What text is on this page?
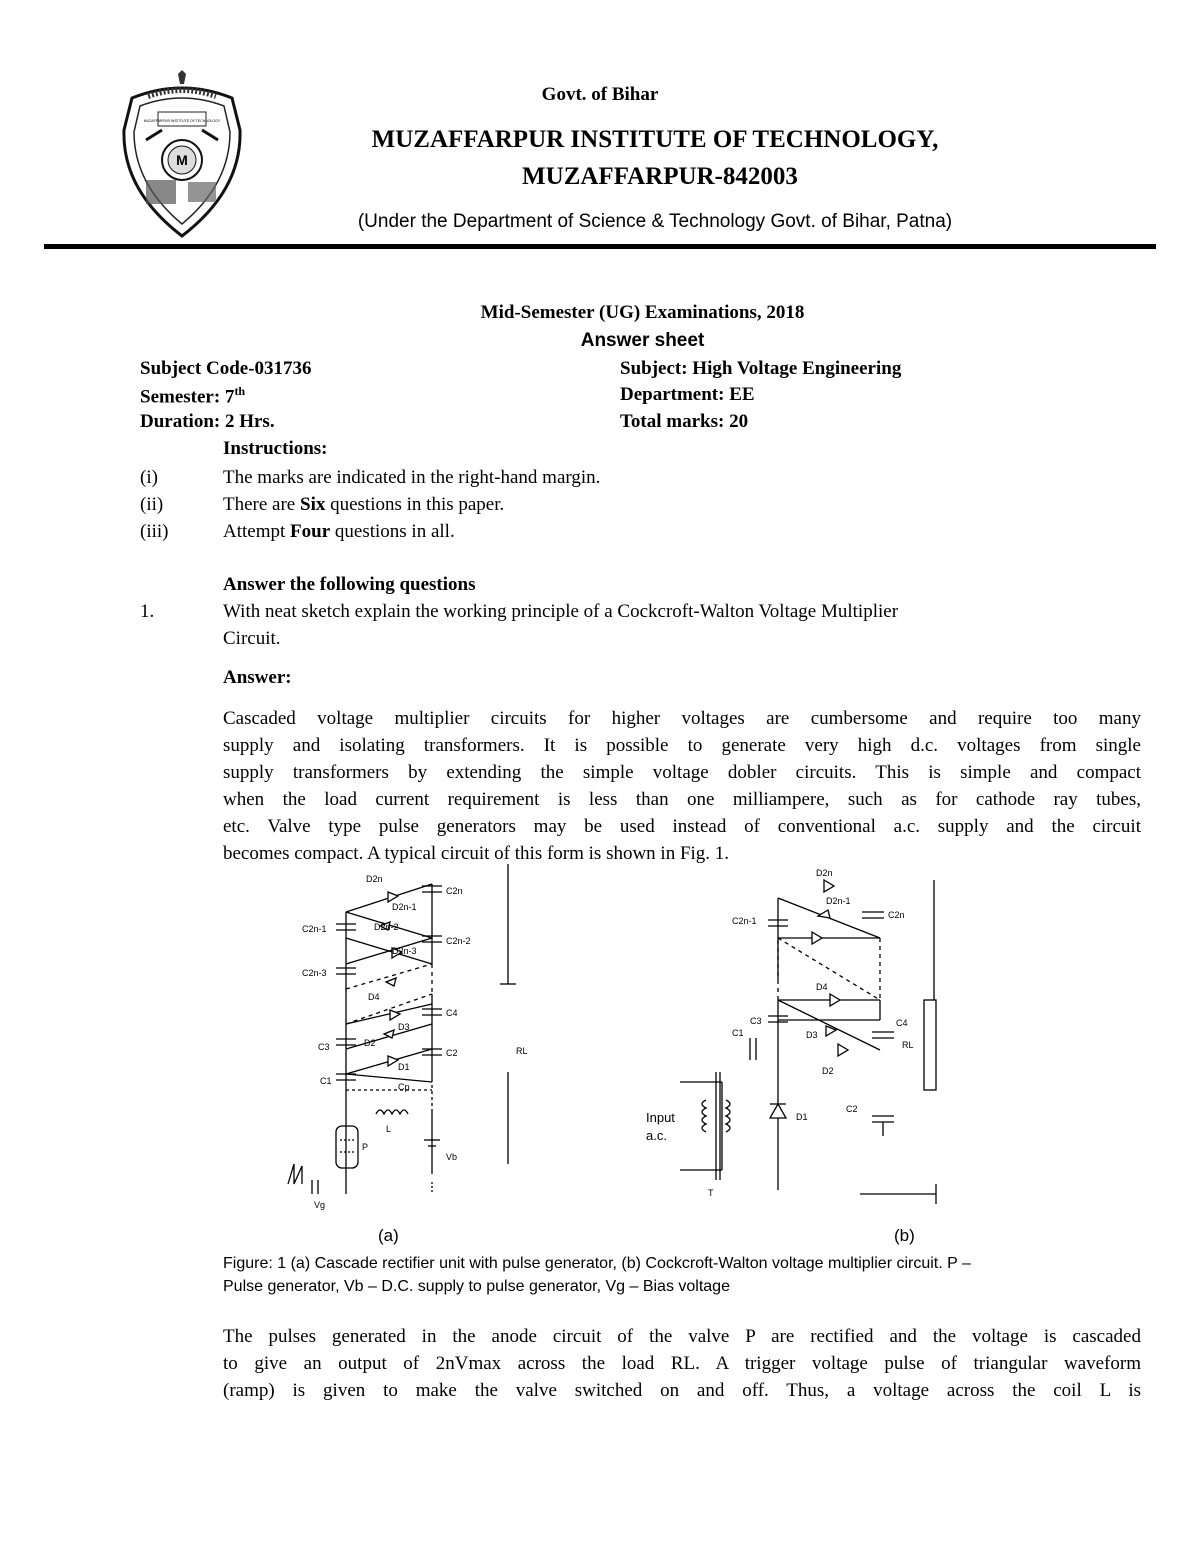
MUZAFFARPUR INSTITUTE OF TECHNOLOGY
M
Govt. of Bihar
MUZAFFARPUR INSTITUTE OF TECHNOLOGY,
MUZAFFARPUR-842003
(Under the Department of Science & Technology Govt. of Bihar, Patna)
Mid-Semester (UG) Examinations, 2018
Answer sheet
Subject Code-031736	Subject: High Voltage Engineering
Semester: 7th	Department: EE
Duration: 2 Hrs.	Total marks: 20
Instructions:
(i)	The marks are indicated in the right-hand margin.
(ii)	There are Six questions in this paper.
(iii)	Attempt Four questions in all.
Answer the following questions
1.	With neat sketch explain the working principle of a Cockcroft-Walton Voltage Multiplier
Circuit.
Answer:
Cascaded voltage multiplier circuits for higher voltages are cumbersome and require too many
supply and isolating transformers. It is possible to generate very high d.c. voltages from single
supply transformers by extending the simple voltage dobler circuits. This is simple and compact
when the load current requirement is less than one milliampere, such as for cathode ray tubes,
etc. Valve type pulse generators may be used instead of conventional a.c. supply and the circuit
becomes compact. A typical circuit of this form is shown in Fig. 1.
D2n
C2n
D2n-1
C2n-1	D2n-2
C2n-2
C2n-3
D2n-3
D4
C4
D3
C3	D2
C2
D1
C1
Cp
L
P
Vb
Vg
RL
(a)
D2n
D2n-1
C2n-1
C2n
D4
C3
D3
C4
C1
RL
D2
D1
C2
T
Input
a.c.
(b)
Figure: 1 (a) Cascade rectifier unit with pulse generator, (b) Cockcroft-Walton voltage multiplier circuit. P –
Pulse generator, Vb – D.C. supply to pulse generator, Vg – Bias voltage
The pulses generated in the anode circuit of the valve P are rectified and the voltage is cascaded
to give an output of 2nVmax across the load RL. A trigger voltage pulse of triangular waveform
(ramp) is given to make the valve switched on and off. Thus, a voltage across the coil L is
